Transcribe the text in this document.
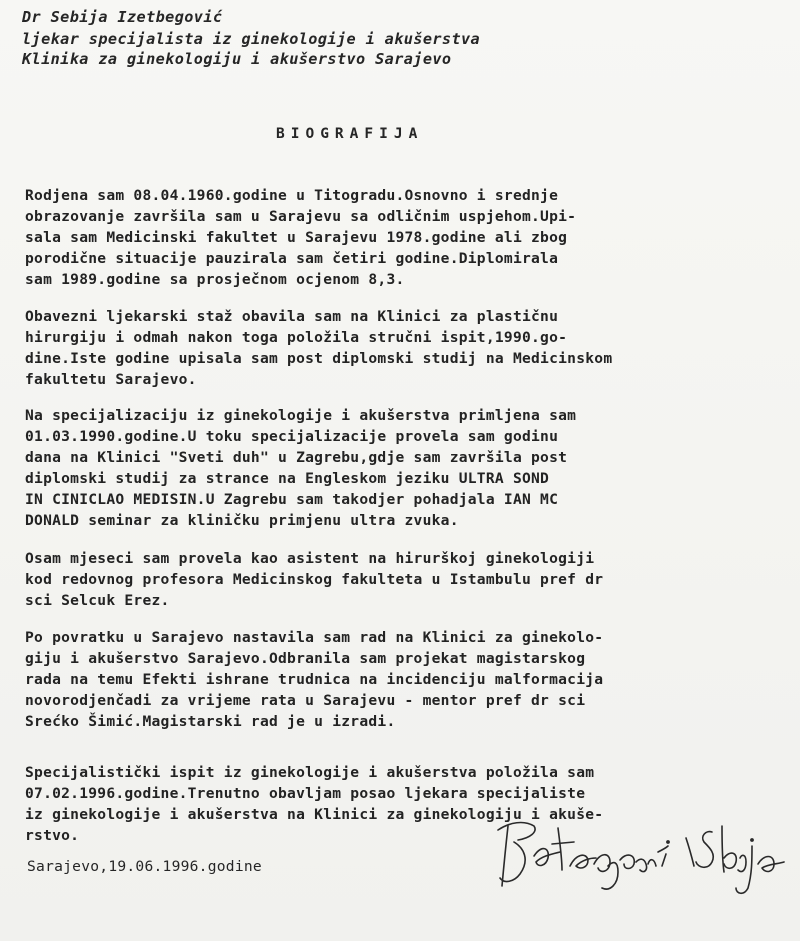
Dr Sebija Izetbegović
ljekar specijalista iz ginekologije i akušerstva
Klinika za ginekologiju i akušerstvo Sarajevo
BIOGRAFIJA
Rodjena sam 08.04.1960.godine u Titogradu.Osnovno i srednje
obrazovanje završila sam u Sarajevu sa odličnim uspjehom.Upi-
sala sam Medicinski fakultet u Sarajevu 1978.godine ali zbog
porodične situacije pauzirala sam četiri godine.Diplomirala
sam 1989.godine sa prosječnom ocjenom 8,3.
Obavezni ljekarski staž obavila sam na Klinici za plastičnu
hirurgiju i odmah nakon toga položila stručni ispit,1990.go-
dine.Iste godine upisala sam post diplomski studij na Medicinskom
fakultetu Sarajevo.
Na specijalizaciju iz ginekologije i akušerstva primljena sam
01.03.1990.godine.U toku specijalizacije provela sam godinu
dana na Klinici "Sveti duh" u Zagrebu,gdje sam završila post
diplomski studij za strance na Engleskom jeziku ULTRA SOND
IN CINICLAO MEDISIN.U Zagrebu sam takodjer pohadjala IAN MC
DONALD seminar za kliničku primjenu ultra zvuka.
Osam mjeseci sam provela kao asistent na hirurškoj ginekologiji
kod redovnog profesora Medicinskog fakulteta u Istambulu pref dr
sci Selcuk Erez.
Po povratku u Sarajevo nastavila sam rad na Klinici za ginekolo-
giju i akušerstvo Sarajevo.Odbranila sam projekat magistarskog
rada na temu Efekti ishrane trudnica na incidenciju malformacija
novorodjenčadi za vrijeme rata u Sarajevu - mentor pref dr sci
Srećko Šimić.Magistarski rad je u izradi.
Specijalistički ispit iz ginekologije i akušerstva položila sam
07.02.1996.godine.Trenutno obavljam posao ljekara specijaliste
iz ginekologije i akušerstva na Klinici za ginekologiju i akuše-
rstvo.
Sarajevo,19.06.1996.godine
